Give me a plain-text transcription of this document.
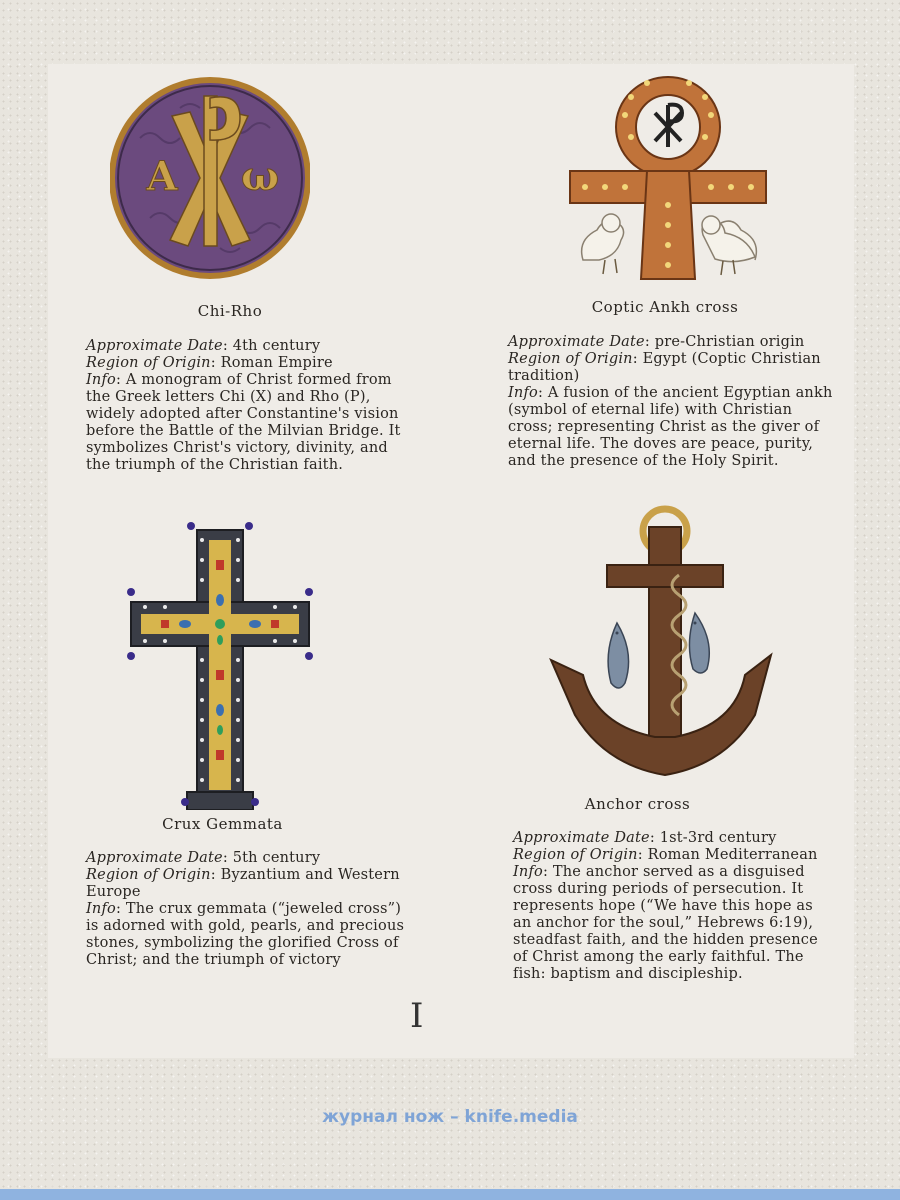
A ω
Chi-Rho

Approximate Date: 4th century

Region of Origin: Roman Empire

Info: A monogram of Christ formed from the Greek letters Chi (X) and Rho (P), widely adopted after Constantine's vision before the Battle of the Milvian Bridge. It symbolizes Christ's victory, divinity, and the triumph of the Christian faith.

Coptic Ankh cross

Approximate Date: pre-Christian origin

Region of Origin: Egypt (Coptic Christian tradition)

Info: A fusion of the ancient Egyptian ankh (symbol of eternal life) with Christian cross; representing Christ as the giver of eternal life. The doves are peace, purity, and the presence of the Holy Spirit.

Crux Gemmata

Approximate Date: 5th century

Region of Origin: Byzantium and Western Europe

Info: The crux gemmata (“jeweled cross”) is adorned with gold, pearls, and precious stones, symbolizing the glorified Cross of Christ; and the triumph of victory

Anchor cross

Approximate Date: 1st-3rd century

Region of Origin: Roman Mediterranean

Info: The anchor served as a disguised cross during periods of persecution. It represents hope (“We have this hope as an anchor for the soul,” Hebrews 6:19), steadfast faith, and the hidden presence of Christ among the early faithful. The fish: baptism and discipleship.

I
журнал нож – knife.media
